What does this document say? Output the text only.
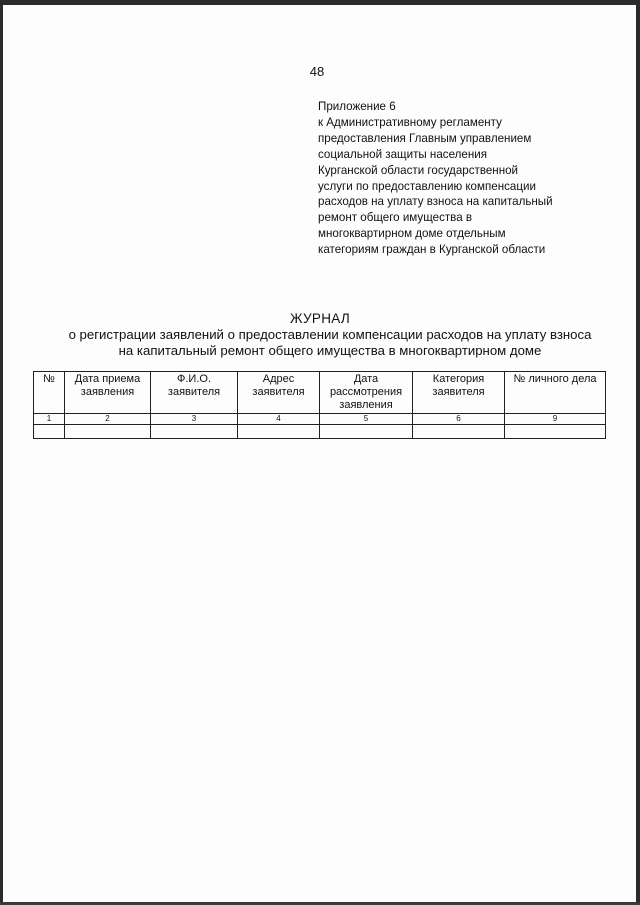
48
Приложение 6
к Административному регламенту
предоставления Главным управлением
социальной защиты населения
Курганской области государственной
услуги по предоставлению компенсации
расходов на уплату взноса на капитальный
ремонт общего имущества в
многоквартирном доме отдельным
категориям граждан в Курганской области
ЖУРНАЛ
о регистрации заявлений о предоставлении компенсации расходов на уплату взноса
на капитальный ремонт общего имущества в многоквартирном доме
№	Дата приема заявления	Ф.И.О. заявителя	Адрес заявителя	Дата рассмотрения заявления	Категория заявителя	№ личного дела
1	2	3	4	5	6	9
